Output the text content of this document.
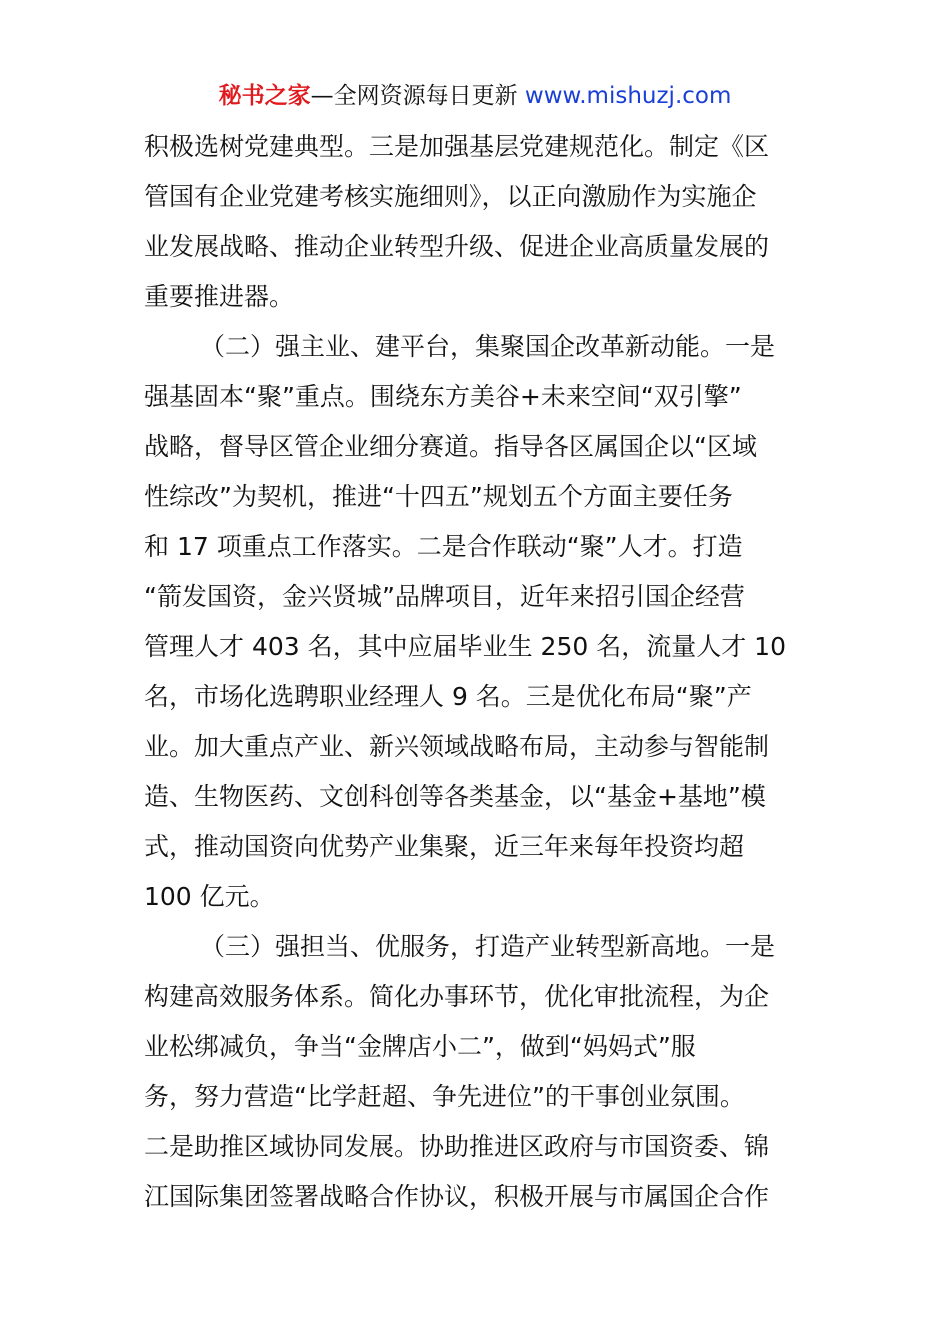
秘书之家—全网资源每日更新 www.mishuzj.com
积极选树党建典型。三是加强基层党建规范化。制定《区
管国有企业党建考核实施细则》，以正向激励作为实施企
业发展战略、推动企业转型升级、促进企业高质量发展的
重要推进器。
（二）强主业、建平台，集聚国企改革新动能。一是
强基固本“聚”重点。围绕东方美谷+未来空间“双引擎”
战略，督导区管企业细分赛道。指导各区属国企以“区域
性综改”为契机，推进“十四五”规划五个方面主要任务
和 17 项重点工作落实。二是合作联动“聚”人才。打造
“箭发国资，金兴贤城”品牌项目，近年来招引国企经营
管理人才 403 名，其中应届毕业生 250 名，流量人才 10
名，市场化选聘职业经理人 9 名。三是优化布局“聚”产
业。加大重点产业、新兴领域战略布局，主动参与智能制
造、生物医药、文创科创等各类基金，以“基金+基地”模
式，推动国资向优势产业集聚，近三年来每年投资均超
100 亿元。
（三）强担当、优服务，打造产业转型新高地。一是
构建高效服务体系。简化办事环节，优化审批流程，为企
业松绑减负，争当“金牌店小二”，做到“妈妈式”服
务，努力营造“比学赶超、争先进位”的干事创业氛围。
二是助推区域协同发展。协助推进区政府与市国资委、锦
江国际集团签署战略合作协议，积极开展与市属国企合作
